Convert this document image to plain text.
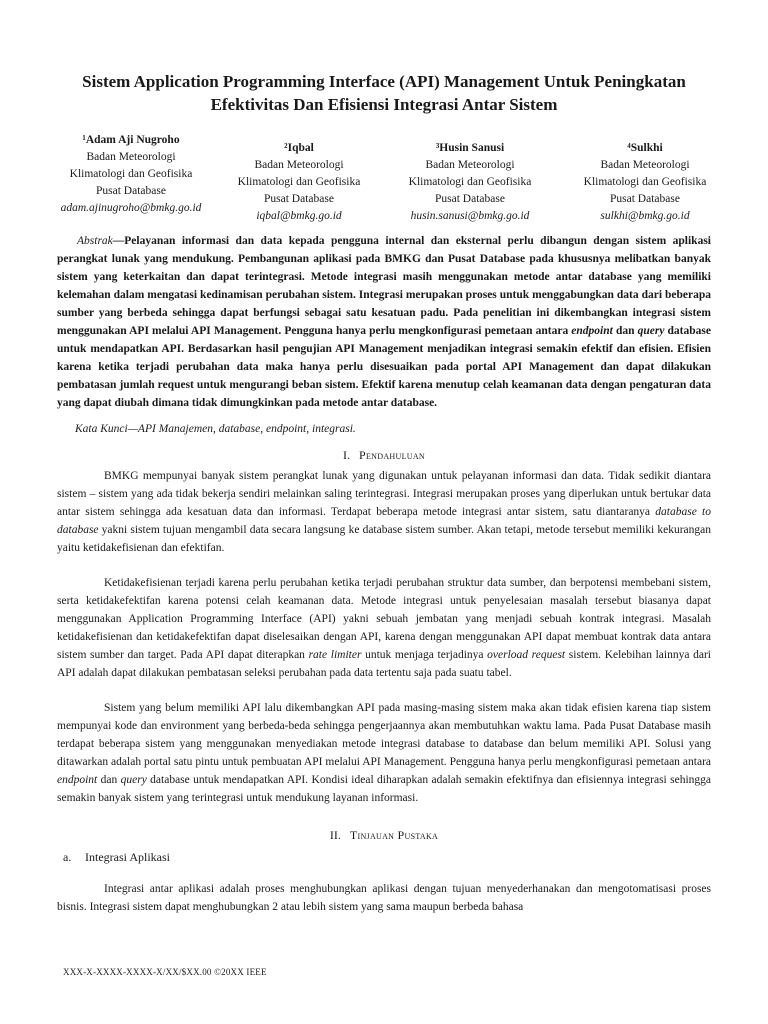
Sistem Application Programming Interface (API) Management Untuk Peningkatan Efektivitas Dan Efisiensi Integrasi Antar Sistem
¹Adam Aji Nugroho
Badan Meteorologi
Klimatologi dan Geofisika
Pusat Database
adam.ajinugroho@bmkg.go.id
²Iqbal
Badan Meteorologi
Klimatologi dan Geofisika
Pusat Database
iqbal@bmkg.go.id
³Husin Sanusi
Badan Meteorologi
Klimatologi dan Geofisika
Pusat Database
husin.sanusi@bmkg.go.id
⁴Sulkhi
Badan Meteorologi
Klimatologi dan Geofisika
Pusat Database
sulkhi@bmkg.go.id
Abstrak—Pelayanan informasi dan data kepada pengguna internal dan eksternal perlu dibangun dengan sistem aplikasi perangkat lunak yang mendukung. Pembangunan aplikasi pada BMKG dan Pusat Database pada khususnya melibatkan banyak sistem yang keterkaitan dan dapat terintegrasi. Metode integrasi masih menggunakan metode antar database yang memiliki kelemahan dalam mengatasi kedinamisan perubahan sistem. Integrasi merupakan proses untuk menggabungkan data dari beberapa sumber yang berbeda sehingga dapat berfungsi sebagai satu kesatuan padu. Pada penelitian ini dikembangkan integrasi sistem menggunakan API melalui API Management. Pengguna hanya perlu mengkonfigurasi pemetaan antara endpoint dan query database untuk mendapatkan API. Berdasarkan hasil pengujian API Management menjadikan integrasi semakin efektif dan efisien. Efisien karena ketika terjadi perubahan data maka hanya perlu disesuaikan pada portal API Management dan dapat dilakukan pembatasan jumlah request untuk mengurangi beban sistem. Efektif karena menutup celah keamanan data dengan pengaturan data yang dapat diubah dimana tidak dimungkinkan pada metode antar database.
Kata Kunci—API Manajemen, database, endpoint, integrasi.
I. Pendahuluan
BMKG mempunyai banyak sistem perangkat lunak yang digunakan untuk pelayanan informasi dan data. Tidak sedikit diantara sistem – sistem yang ada tidak bekerja sendiri melainkan saling terintegrasi. Integrasi merupakan proses yang diperlukan untuk bertukar data antar sistem sehingga ada kesatuan data dan informasi. Terdapat beberapa metode integrasi antar sistem, satu diantaranya database to database yakni sistem tujuan mengambil data secara langsung ke database sistem sumber. Akan tetapi, metode tersebut memiliki kekurangan yaitu ketidakefisienan dan efektifan.
Ketidakefisienan terjadi karena perlu perubahan ketika terjadi perubahan struktur data sumber, dan berpotensi membebani sistem, serta ketidakefektifan karena potensi celah keamanan data. Metode integrasi untuk penyelesaian masalah tersebut biasanya dapat menggunakan Application Programming Interface (API) yakni sebuah jembatan yang menjadi sebuah kontrak integrasi. Masalah ketidakefisienan dan ketidakefektifan dapat diselesaikan dengan API, karena dengan menggunakan API dapat membuat kontrak data antara sistem sumber dan target. Pada API dapat diterapkan rate limiter untuk menjaga terjadinya overload request sistem. Kelebihan lainnya dari API adalah dapat dilakukan pembatasan seleksi perubahan pada data tertentu saja pada suatu tabel.
Sistem yang belum memiliki API lalu dikembangkan API pada masing-masing sistem maka akan tidak efisien karena tiap sistem mempunyai kode dan environment yang berbeda-beda sehingga pengerjaannya akan membutuhkan waktu lama. Pada Pusat Database masih terdapat beberapa sistem yang menggunakan menyediakan metode integrasi database to database dan belum memiliki API. Solusi yang ditawarkan adalah portal satu pintu untuk pembuatan API melalui API Management. Pengguna hanya perlu mengkonfigurasi pemetaan antara endpoint dan query database untuk mendapatkan API. Kondisi ideal diharapkan adalah semakin efektifnya dan efisiennya integrasi sehingga semakin banyak sistem yang terintegrasi untuk mendukung layanan informasi.
II. Tinjauan Pustaka
a. Integrasi Aplikasi
Integrasi antar aplikasi adalah proses menghubungkan aplikasi dengan tujuan menyederhanakan dan mengotomatisasi proses bisnis. Integrasi sistem dapat menghubungkan 2 atau lebih sistem yang sama maupun berbeda bahasa
XXX-X-XXXX-XXXX-X/XX/$XX.00 ©20XX IEEE
